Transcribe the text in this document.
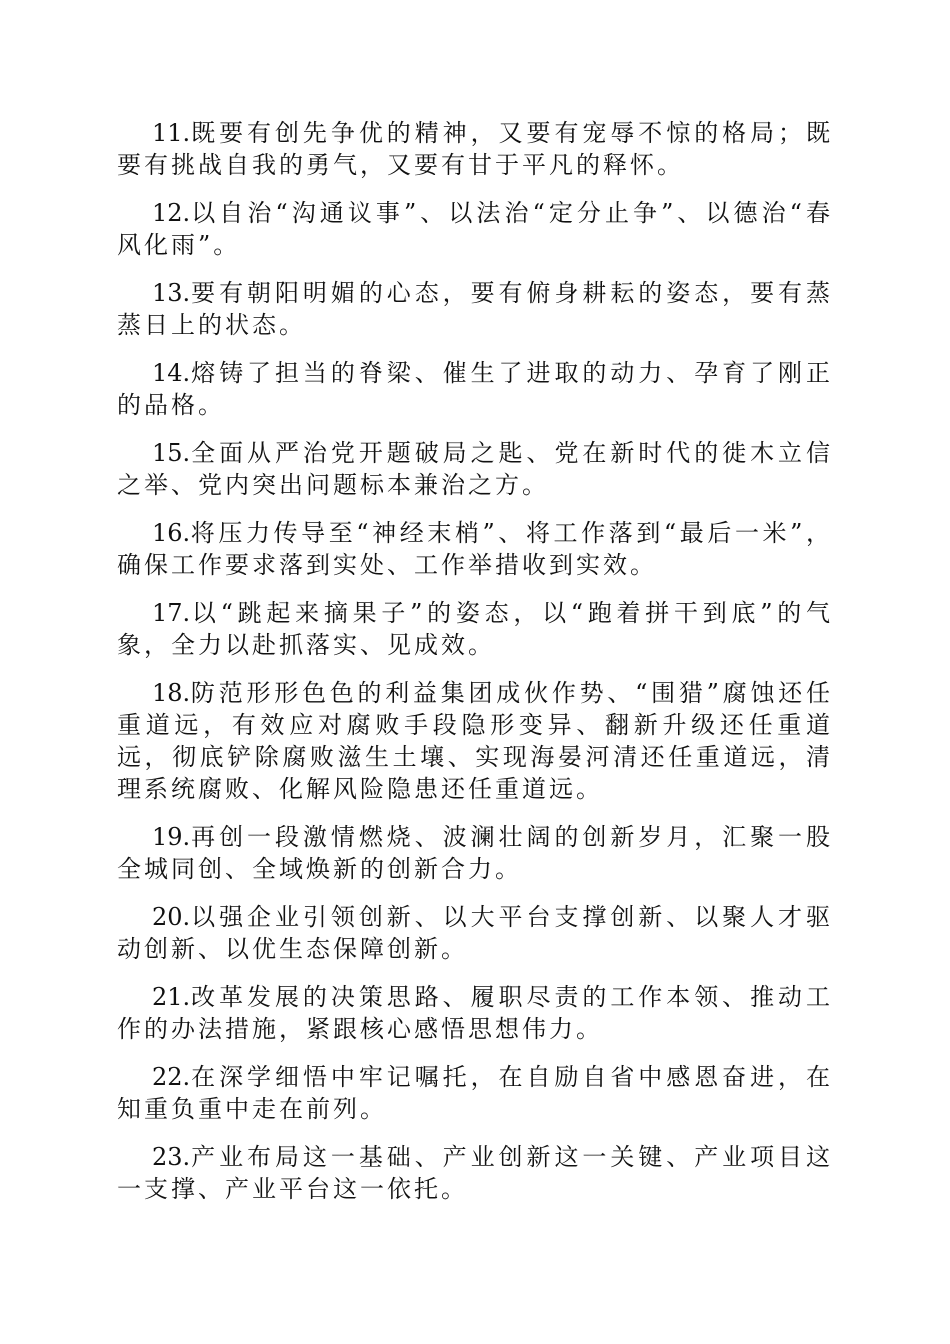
11.既要有创先争优的精神，又要有宠辱不惊的格局；既要有挑战自我的勇气，又要有甘于平凡的释怀。

12.以自治“沟通议事”、以法治“定分止争”、以德治“春风化雨”。

13.要有朝阳明媚的心态，要有俯身耕耘的姿态，要有蒸蒸日上的状态。

14.熔铸了担当的脊梁、催生了进取的动力、孕育了刚正的品格。

15.全面从严治党开题破局之匙、党在新时代的徙木立信之举、党内突出问题标本兼治之方。

16.将压力传导至“神经末梢”、将工作落到“最后一米”，确保工作要求落到实处、工作举措收到实效。

17.以“跳起来摘果子”的姿态，以“跑着拼干到底”的气象，全力以赴抓落实、见成效。

18.防范形形色色的利益集团成伙作势、“围猎”腐蚀还任重道远，有效应对腐败手段隐形变异、翻新升级还任重道远，彻底铲除腐败滋生土壤、实现海晏河清还任重道远，清理系统腐败、化解风险隐患还任重道远。

19.再创一段激情燃烧、波澜壮阔的创新岁月，汇聚一股全城同创、全域焕新的创新合力。

20.以强企业引领创新、以大平台支撑创新、以聚人才驱动创新、以优生态保障创新。

21.改革发展的决策思路、履职尽责的工作本领、推动工作的办法措施，紧跟核心感悟思想伟力。

22.在深学细悟中牢记嘱托，在自励自省中感恩奋进，在知重负重中走在前列。

23.产业布局这一基础、产业创新这一关键、产业项目这一支撑、产业平台这一依托。
